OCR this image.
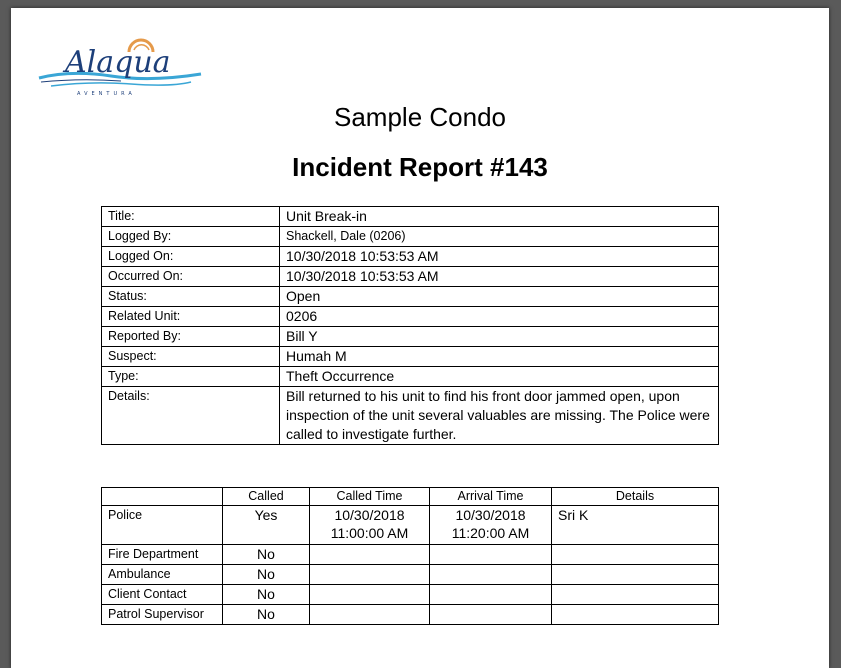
Alaqua
AVENTURA
Sample Condo
Incident Report #143
Title:	Unit Break-in
Logged By:	Shackell, Dale (0206)
Logged On:	10/30/2018 10:53:53 AM
Occurred On:	10/30/2018 10:53:53 AM
Status:	Open
Related Unit:	0206
Reported By:	Bill Y
Suspect:	Humah M
Type:	Theft Occurrence
Details:	Bill returned to his unit to find his front door jammed open, upon inspection of the unit several valuables are missing. The Police were called to investigate further.
	Called	Called Time	Arrival Time	Details
Police	Yes	10/30/2018 11:00:00 AM	10/30/2018 11:20:00 AM	Sri K
Fire Department	No			
Ambulance	No			
Client Contact	No			
Patrol Supervisor	No			
